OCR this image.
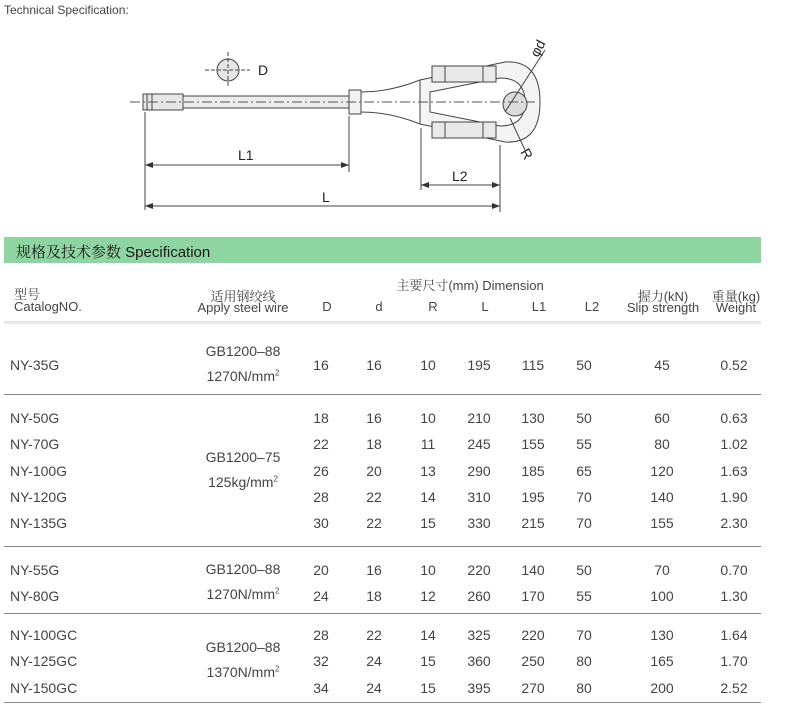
Technical Specification:
D
φd
R
L1
L2
L
规格及技术参数 Specification
型号
CatalogNO.
适用钢绞线
Apply steel wire
主要尺寸(mm) Dimension
D	d	R	L	L1	L2
握力(kN)
Slip strength
重量(kg)
Weight
NY-35G	16	16	10	195	115	50	45	0.52
GB1200–88
$1270N/mm^2$
NY-50G	18	16	10	210	130	50	60	0.63
NY-70G	22	18	11	245	155	55	80	1.02
NY-100G	26	20	13	290	185	65	120	1.63
NY-120G	28	22	14	310	195	70	140	1.90
NY-135G	30	22	15	330	215	70	155	2.30
GB1200–75
$125kg/mm^2$
NY-55G	20	16	10	220	140	50	70	0.70
NY-80G	24	18	12	260	170	55	100	1.30
GB1200–88
$1270N/mm^2$
NY-100GC	28	22	14	325	220	70	130	1.64
NY-125GC	32	24	15	360	250	80	165	1.70
NY-150GC	34	24	15	395	270	80	200	2.52
GB1200–88
$1370N/mm^2$
